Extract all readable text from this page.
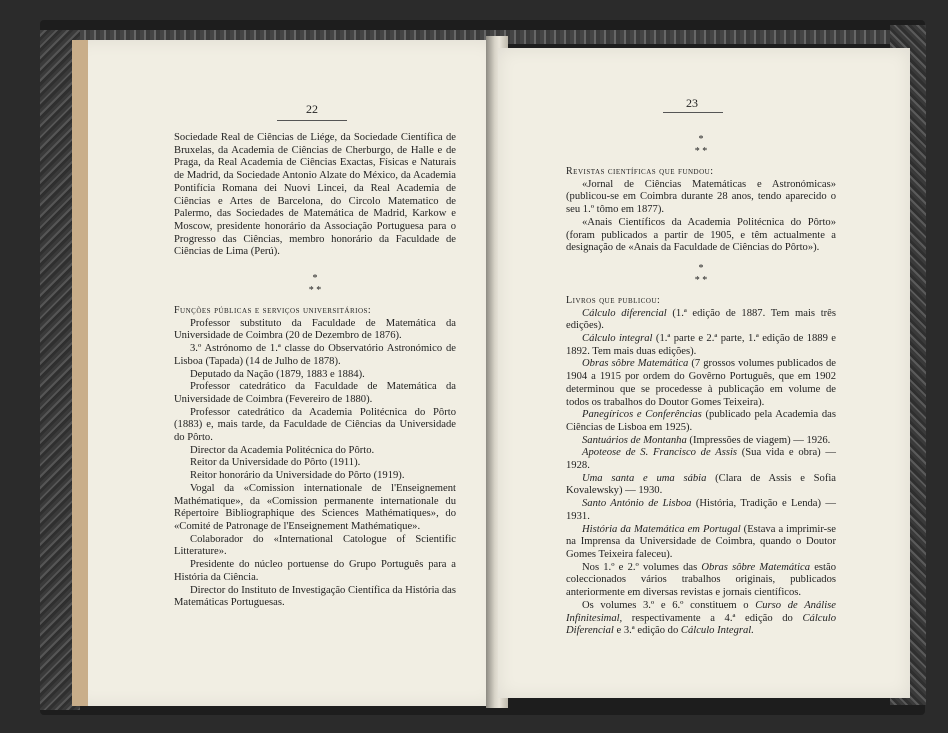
22

Sociedade Real de Ciências de Liége, da Sociedade Científica de Bruxelas, da Academia de Ciências de Cherburgo, de Halle e de Praga, da Real Academia de Ciências Exactas, Físicas e Naturais de Madrid, da Sociedade Antonio Alzate do México, da Academia Pontifícia Romana dei Nuovi Lincei, da Real Academia de Ciências e Artes de Barcelona, do Circolo Matematico de Palermo, das Sociedades de Matemática de Madrid, Karkow e Moscow, presidente honorário da Associação Portuguesa para o Progresso das Ciências, membro honorário da Faculdade de Ciências de Lima (Perú).

*
* *

Funções públicas e serviços universitários:

Professor substituto da Faculdade de Matemática da Universidade de Coimbra (20 de Dezembro de 1876).

3.º Astrónomo de 1.ª classe do Observatório Astronómico de Lisboa (Tapada) (14 de Julho de 1878).

Deputado da Nação (1879, 1883 e 1884).

Professor catedrático da Faculdade de Matemática da Universidade de Coimbra (Fevereiro de 1880).

Professor catedrático da Academia Politécnica do Pôrto (1883) e, mais tarde, da Faculdade de Ciências da Universidade do Pôrto.

Director da Academia Politécnica do Pôrto.

Reitor da Universidade do Pôrto (1911).

Reitor honorário da Universidade do Pôrto (1919).

Vogal da «Comission internationale de l'Enseignement Mathématique», da «Comission permanente internationale du Répertoire Bibliographique des Sciences Mathématiques», do «Comité de Patronage de l'Enseignement Mathématique».

Colaborador do «International Catologue of Scientific Litterature».

Presidente do núcleo portuense do Grupo Português para a História da Ciência.

Director do Instituto de Investigação Científica da História das Matemáticas Portuguesas.

23
*
* *

Revistas científicas que fundou:

«Jornal de Ciências Matemáticas e Astronómicas» (publicou-se em Coimbra durante 28 anos, tendo aparecido o seu 1.º tômo em 1877).

«Anais Científicos da Academia Politécnica do Pôrto» (foram publicados a partir de 1905, e têm actualmente a designação de «Anais da Faculdade de Ciências do Pôrto»).

*
* *

Livros que publicou:

Cálculo diferencial (1.ª edição de 1887. Tem mais três edições).

Cálculo integral (1.ª parte e 2.ª parte, 1.ª edição de 1889 e 1892. Tem mais duas edições).

Obras sôbre Matemática (7 grossos volumes publicados de 1904 a 1915 por ordem do Govêrno Português, que em 1902 determinou que se procedesse à publicação em volume de todos os trabalhos do Doutor Gomes Teixeira).

Panegíricos e Conferências (publicado pela Academia das Ciências de Lisboa em 1925).

Santuários de Montanha (Impressões de viagem) — 1926.

Apoteose de S. Francisco de Assis (Sua vida e obra) — 1928.

Uma santa e uma sábia (Clara de Assis e Sofia Kovalewsky) — 1930.

Santo António de Lisboa (História, Tradição e Lenda) — 1931.

História da Matemática em Portugal (Estava a imprimir-se na Imprensa da Universidade de Coimbra, quando o Doutor Gomes Teixeira faleceu).

Nos 1.º e 2.º volumes das Obras sôbre Matemática estão coleccionados vários trabalhos originais, publicados anteriormente em diversas revistas e jornais científicos.

Os volumes 3.º e 6.º constituem o Curso de Análise Infinitesimal, respectivamente a 4.ª edição do Cálculo Diferencial e 3.ª edição do Cálculo Integral.
